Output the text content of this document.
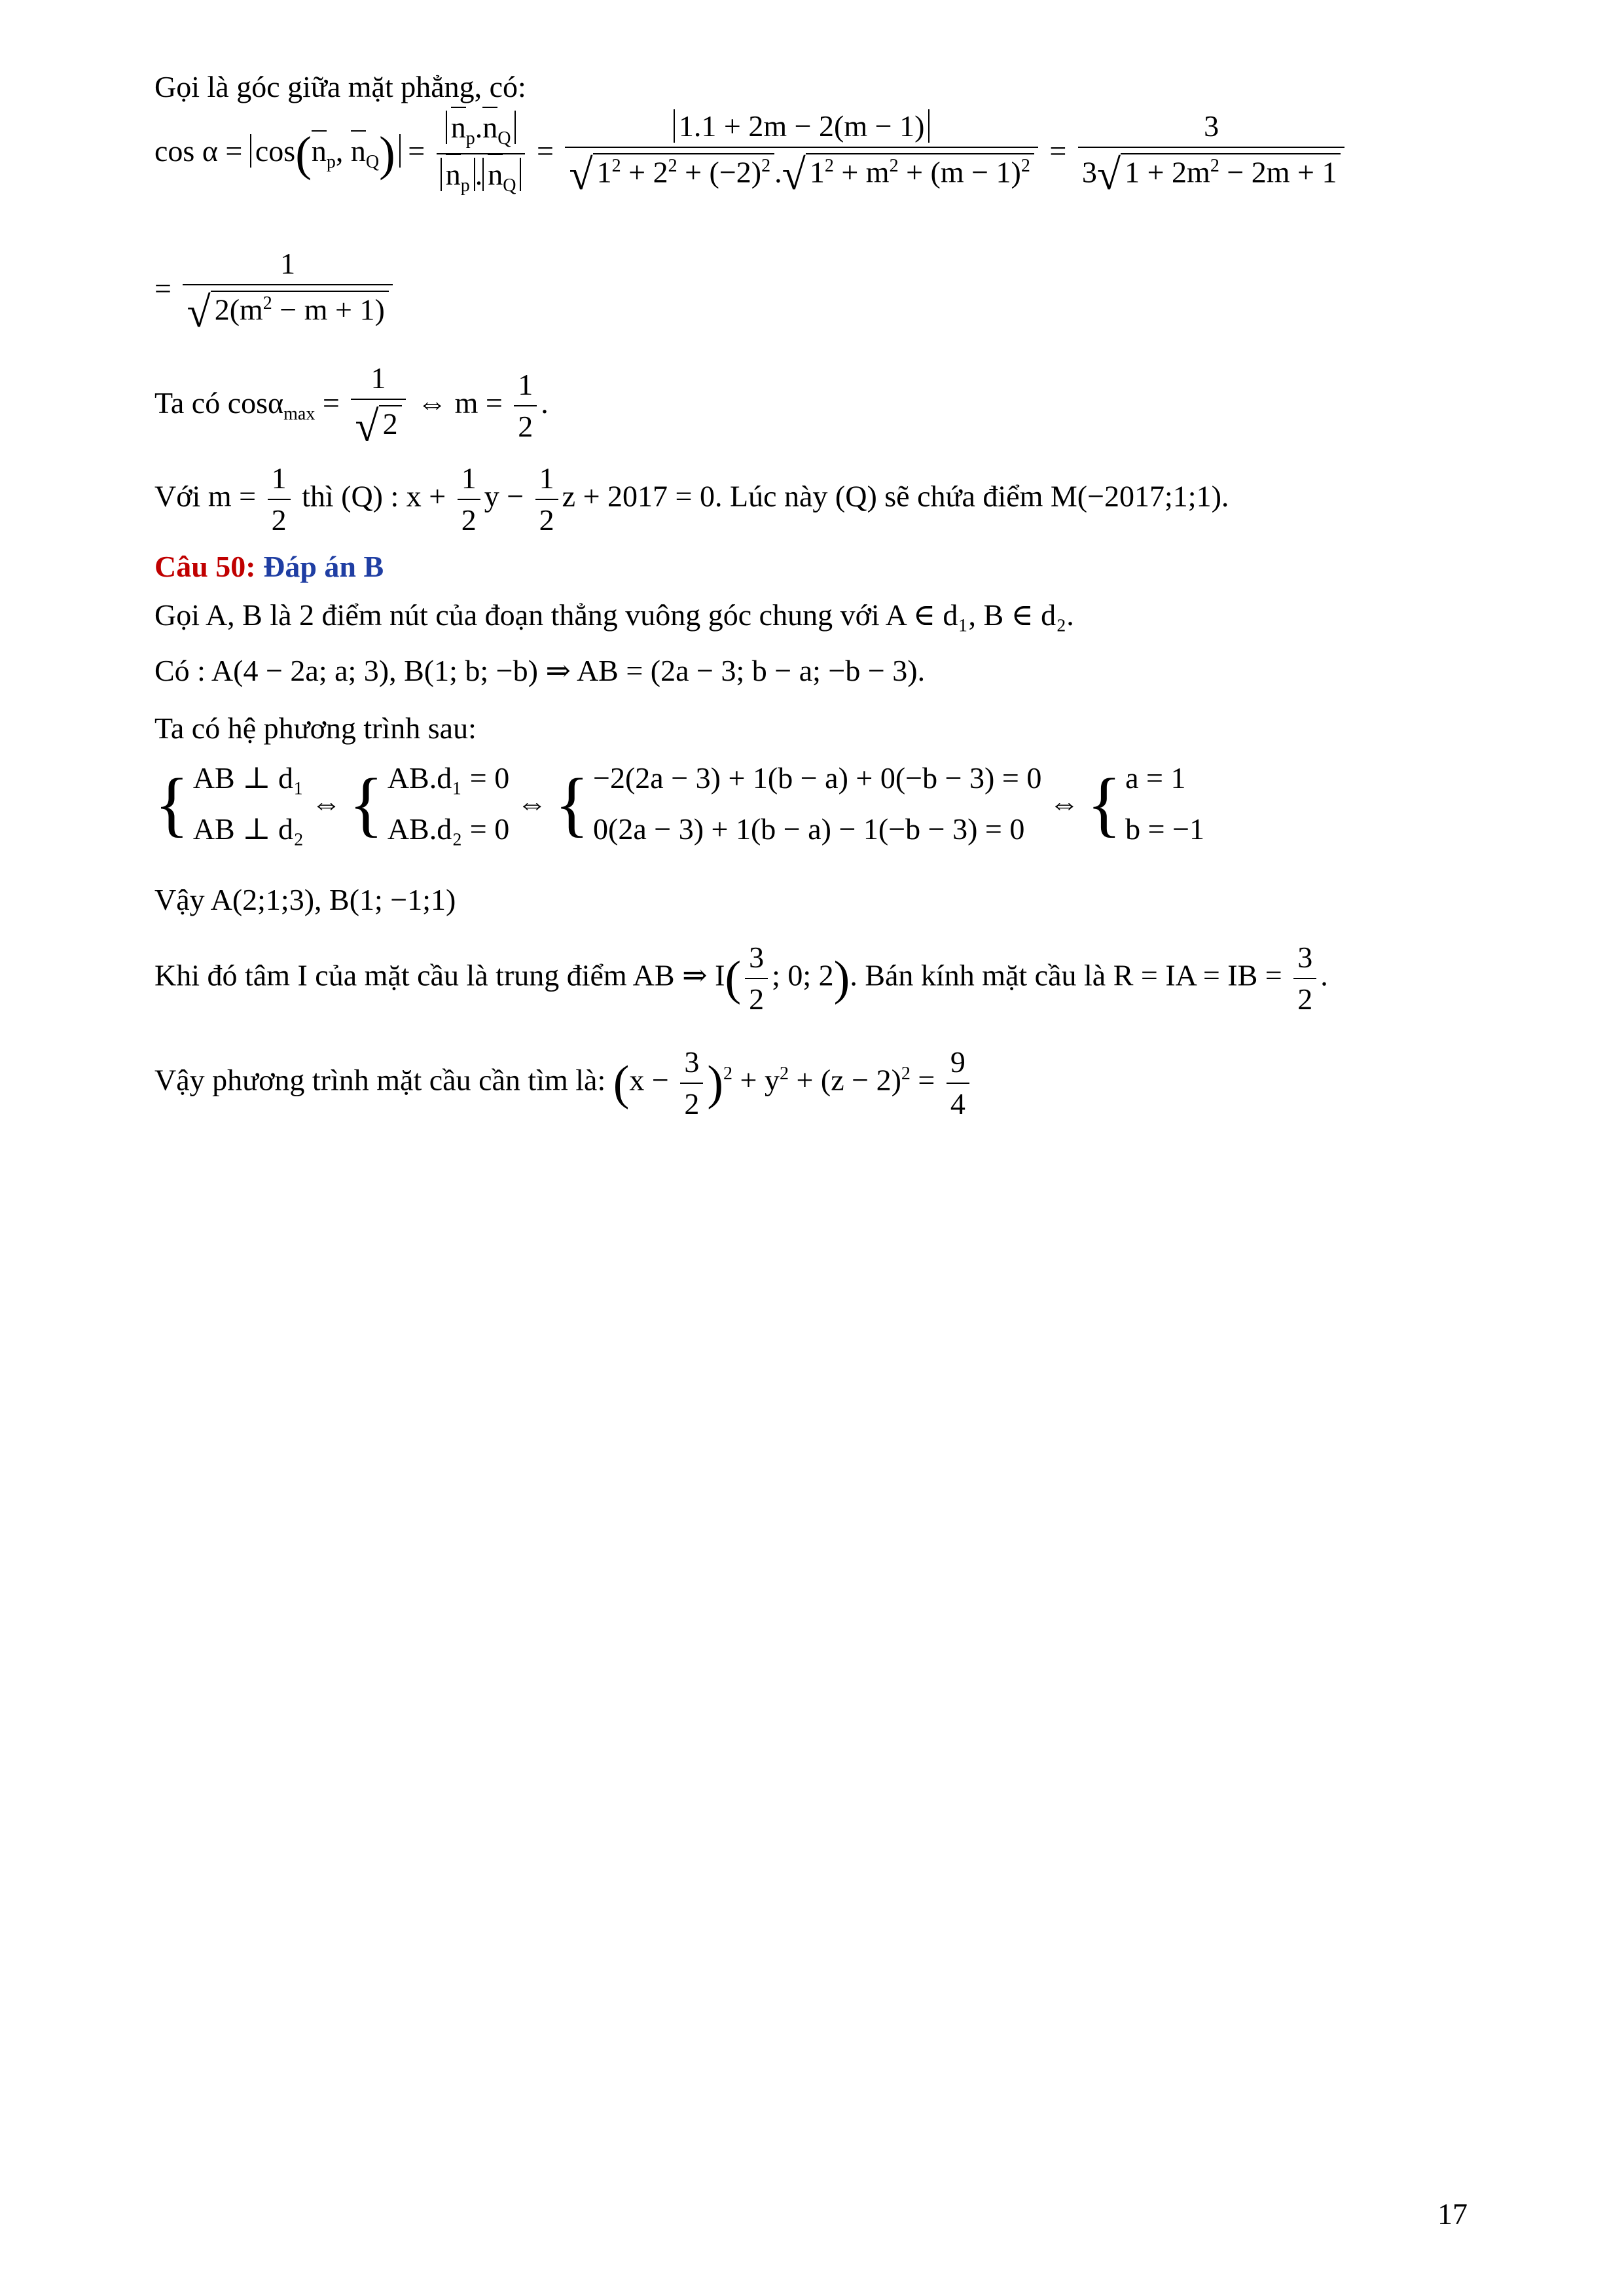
Gọi là góc giữa mặt phẳng, có:
$\cos \alpha = \cos(n_p$, $n_Q) = \frac{n_p.n_Q}{n_p . n_Q} = \frac{1.1 + 2m - 2(m - 1)}{√ 1^2 + 2^2 + (-2)^2 .√ 1^2 + m^2 + (m - 1)^2} = \frac{3}{3√ 1 + 2m^2 - 2m + 1}$
= $\frac{1}{√ 2(m^2 - m + 1)}$
Ta có $\cos\alpha_{max} = \frac{1}{√ 2}$ ⇔ $m = \frac{1}{2}$ .
Với $m = \frac{1}{2}$ thì (Q) : $x + \frac{1}{2}$ $y - \frac{1}{2}$ z + 2017 = 0. Lúc này (Q) sẽ chứa điểm M(−2017;1;1).
Câu 50: Đáp án B
Gọi A, B là 2 điểm nút của đoạn thẳng vuông góc chung với A ∈ d₁, B ∈ d₂.
Có : A(4 − 2a; a; 3), B(1; b; −b) ⇒ AB = (2a − 3; b − a; −b − 3).
Ta có hệ phương trình sau:
{ AB ⊥ d₁
AB ⊥ d₂ ⇔ { AB.d₁ = 0
AB.d₂ = 0 ⇔ { −2(2a − 3) + 1(b − a) + 0(−b − 3) = 0
0(2a − 3) + 1(b − a) − 1(−b − 3) = 0 ⇔ { a = 1
b = −1
Vậy A(2;1;3), B(1; −1;1)
Khi đó tâm I của mặt cầu là trung điểm AB ⇒ $I( \frac{3}{2}$ ; 0; 2). Bán kính mặt cầu là R = IA = IB = $\frac{3}{2}$ .
Vậy phương trình mặt cầu cần tìm là: $(x - \frac{3}{2} )^2 + y^2 + (z - 2)^2 = \frac{9}{4}$
17
